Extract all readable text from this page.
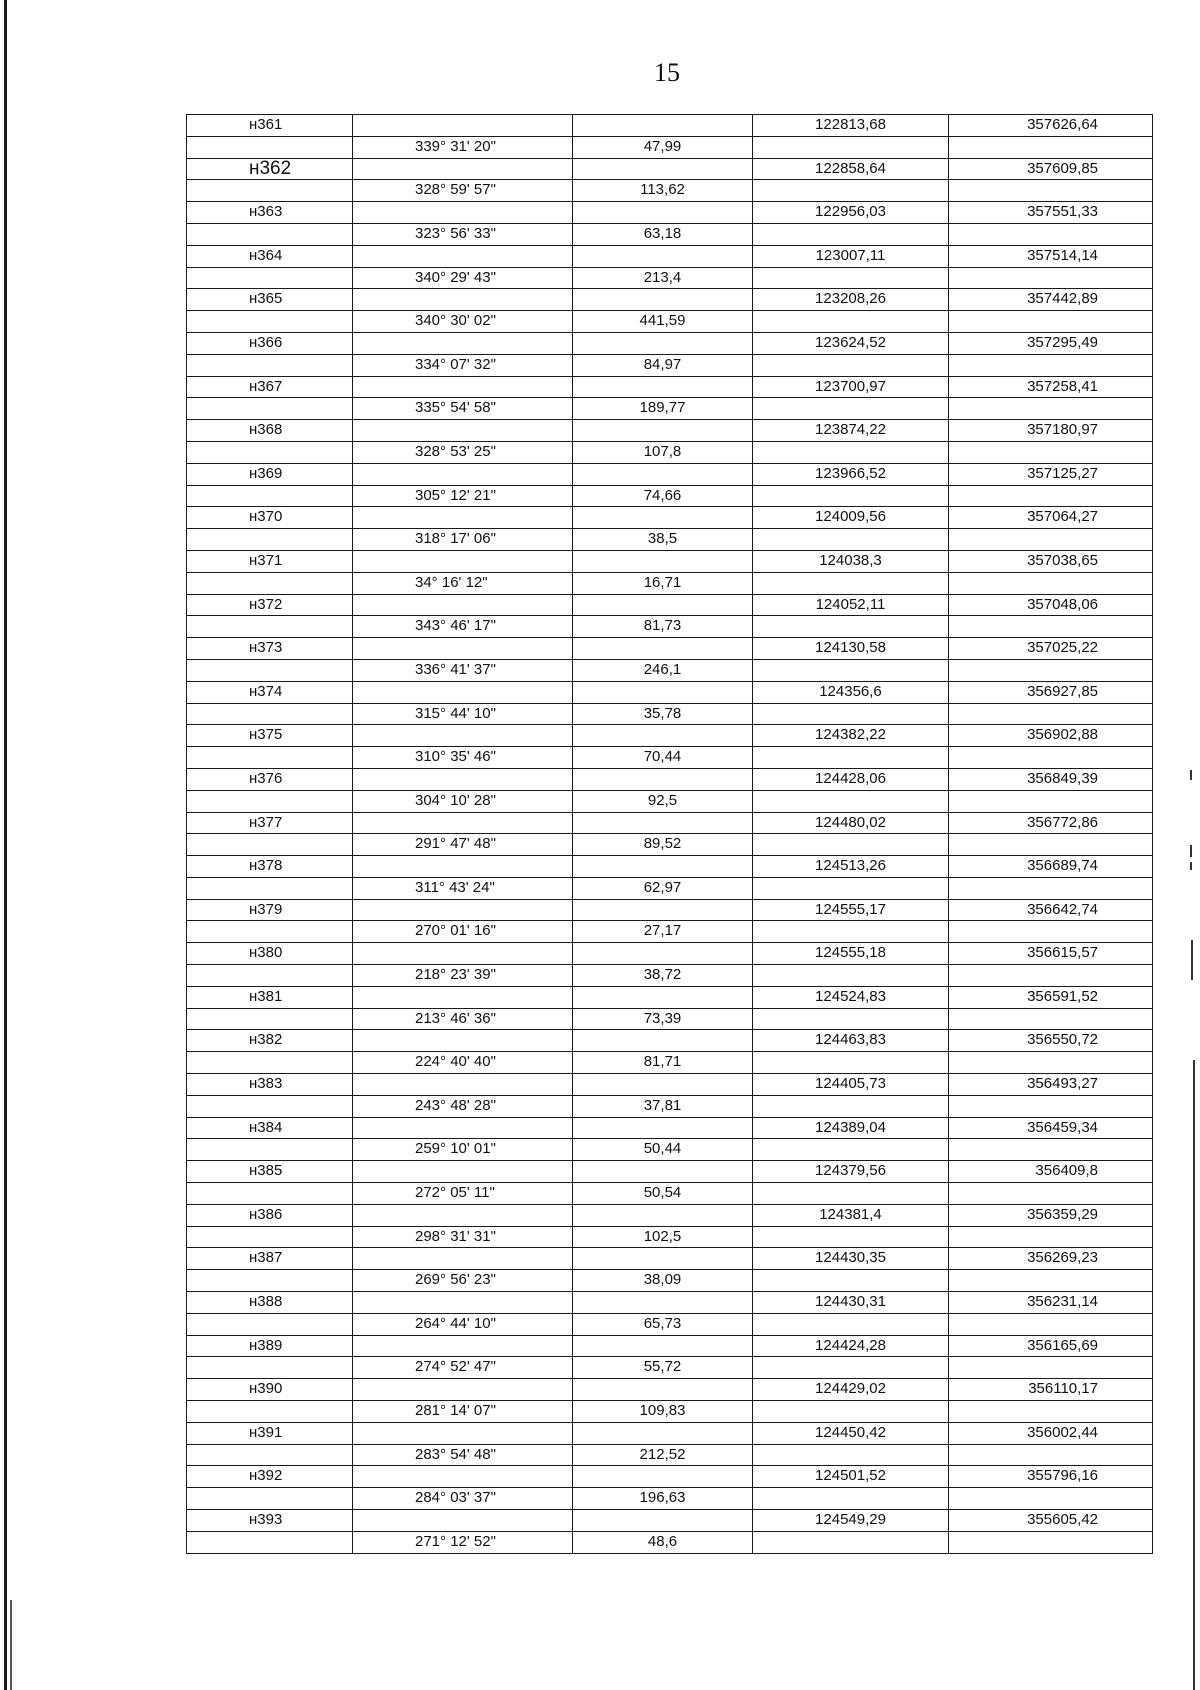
15
н361			122813,68	357626,64
	339° 31' 20"	47,99		
н362			122858,64	357609,85
	328° 59' 57"	113,62		
н363			122956,03	357551,33
	323° 56' 33"	63,18		
н364			123007,11	357514,14
	340° 29' 43"	213,4		
н365			123208,26	357442,89
	340° 30' 02"	441,59		
н366			123624,52	357295,49
	334° 07' 32"	84,97		
н367			123700,97	357258,41
	335° 54' 58"	189,77		
н368			123874,22	357180,97
	328° 53' 25"	107,8		
н369			123966,52	357125,27
	305° 12' 21"	74,66		
н370			124009,56	357064,27
	318° 17' 06"	38,5		
н371			124038,3	357038,65
	34° 16' 12"	16,71		
н372			124052,11	357048,06
	343° 46' 17"	81,73		
н373			124130,58	357025,22
	336° 41' 37"	246,1		
н374			124356,6	356927,85
	315° 44' 10"	35,78		
н375			124382,22	356902,88
	310° 35' 46"	70,44		
н376			124428,06	356849,39
	304° 10' 28"	92,5		
н377			124480,02	356772,86
	291° 47' 48"	89,52		
н378			124513,26	356689,74
	311° 43' 24"	62,97		
н379			124555,17	356642,74
	270° 01' 16"	27,17		
н380			124555,18	356615,57
	218° 23' 39"	38,72		
н381			124524,83	356591,52
	213° 46' 36"	73,39		
н382			124463,83	356550,72
	224° 40' 40"	81,71		
н383			124405,73	356493,27
	243° 48' 28"	37,81		
н384			124389,04	356459,34
	259° 10' 01"	50,44		
н385			124379,56	356409,8
	272° 05' 11"	50,54		
н386			124381,4	356359,29
	298° 31' 31"	102,5		
н387			124430,35	356269,23
	269° 56' 23"	38,09		
н388			124430,31	356231,14
	264° 44' 10"	65,73		
н389			124424,28	356165,69
	274° 52' 47"	55,72		
н390			124429,02	356110,17
	281° 14' 07"	109,83		
н391			124450,42	356002,44
	283° 54' 48"	212,52		
н392			124501,52	355796,16
	284° 03' 37"	196,63		
н393			124549,29	355605,42
	271° 12' 52"	48,6		
